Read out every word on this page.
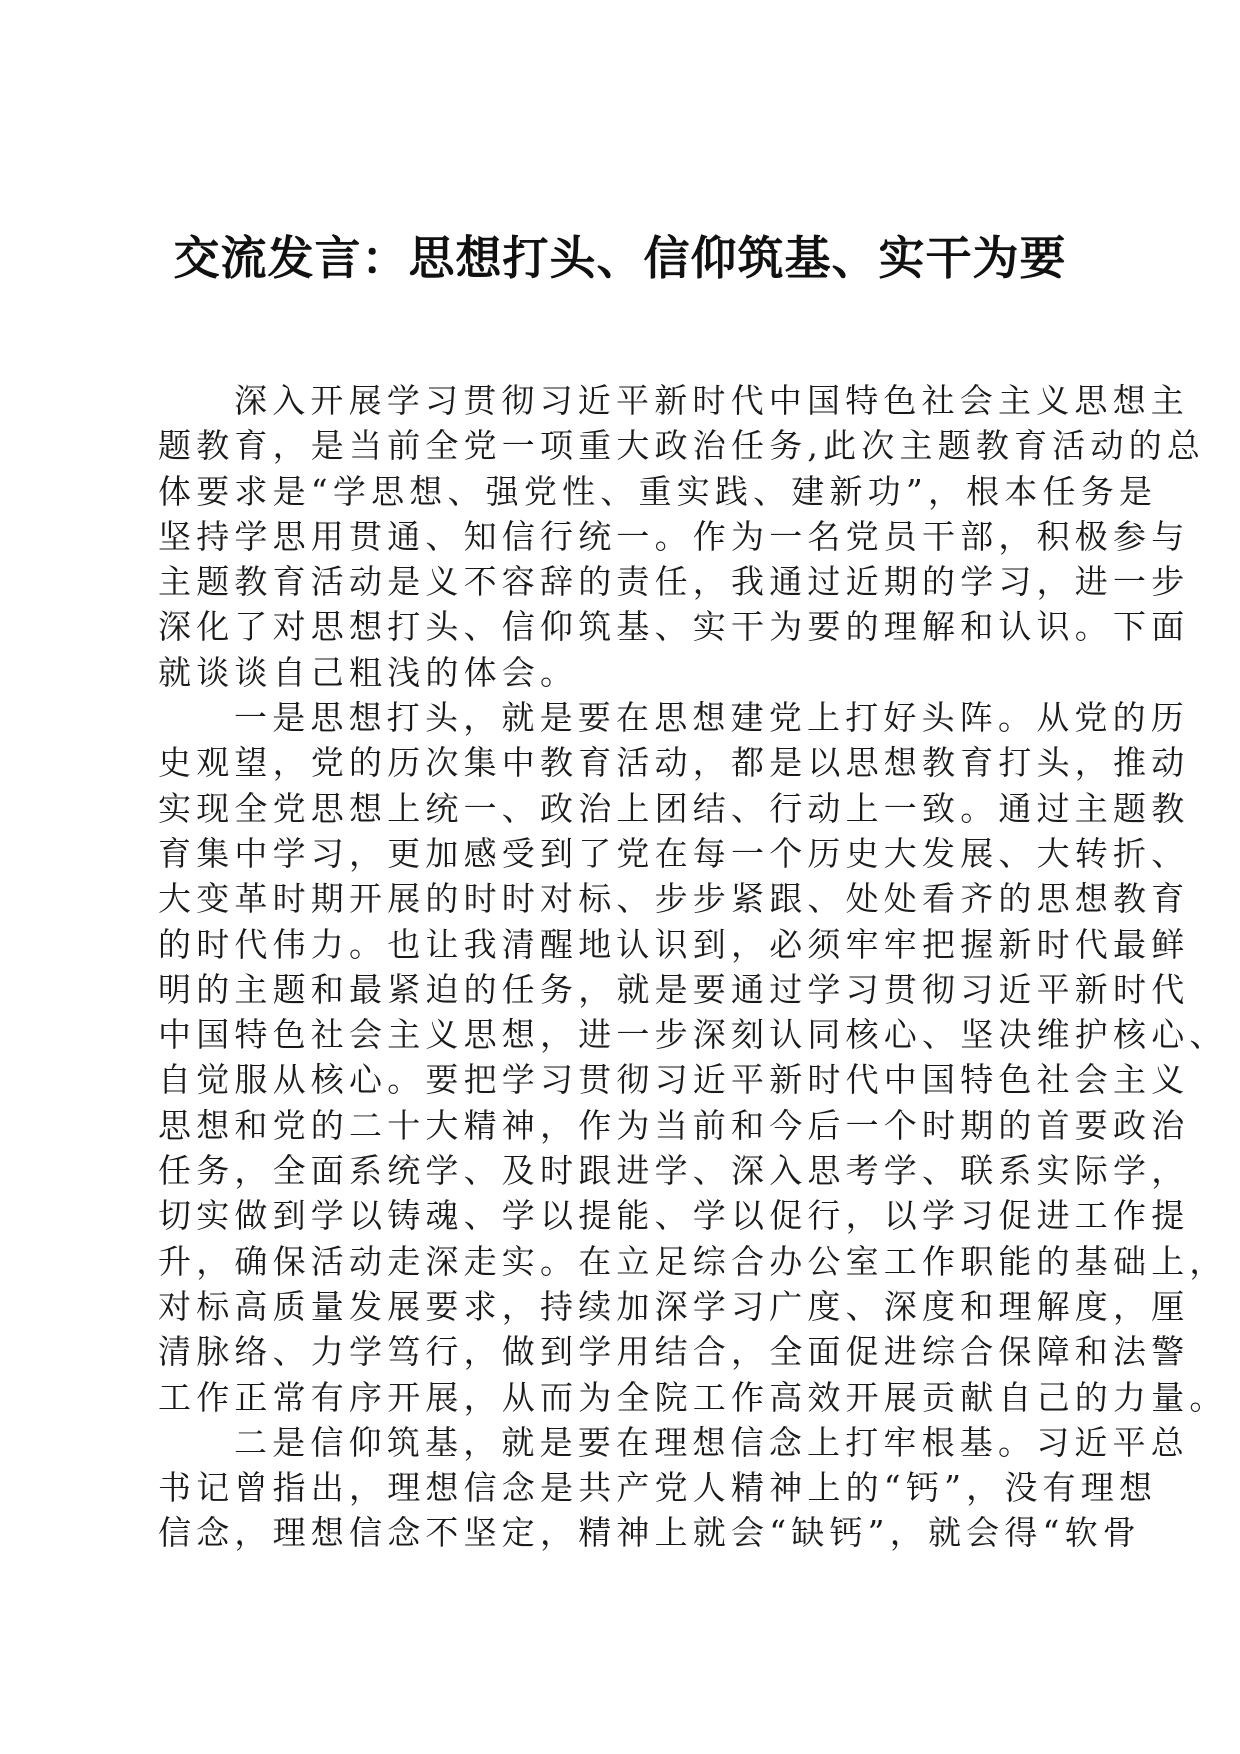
交流发言：思想打头、信仰筑基、实干为要
深入开展学习贯彻习近平新时代中国特色社会主义思想主
题教育，是当前全党一项重大政治任务,此次主题教育活动的总
体要求是“学思想、强党性、重实践、建新功”，根本任务是
坚持学思用贯通、知信行统一。作为一名党员干部，积极参与
主题教育活动是义不容辞的责任，我通过近期的学习，进一步
深化了对思想打头、信仰筑基、实干为要的理解和认识。下面
就谈谈自己粗浅的体会。
一是思想打头，就是要在思想建党上打好头阵。从党的历
史观望，党的历次集中教育活动，都是以思想教育打头，推动
实现全党思想上统一、政治上团结、行动上一致。通过主题教
育集中学习，更加感受到了党在每一个历史大发展、大转折、
大变革时期开展的时时对标、步步紧跟、处处看齐的思想教育
的时代伟力。也让我清醒地认识到，必须牢牢把握新时代最鲜
明的主题和最紧迫的任务，就是要通过学习贯彻习近平新时代
中国特色社会主义思想，进一步深刻认同核心、坚决维护核心、
自觉服从核心。要把学习贯彻习近平新时代中国特色社会主义
思想和党的二十大精神，作为当前和今后一个时期的首要政治
任务，全面系统学、及时跟进学、深入思考学、联系实际学，
切实做到学以铸魂、学以提能、学以促行，以学习促进工作提
升，确保活动走深走实。在立足综合办公室工作职能的基础上，
对标高质量发展要求，持续加深学习广度、深度和理解度，厘
清脉络、力学笃行，做到学用结合，全面促进综合保障和法警
工作正常有序开展，从而为全院工作高效开展贡献自己的力量。
二是信仰筑基，就是要在理想信念上打牢根基。习近平总
书记曾指出，理想信念是共产党人精神上的“钙”，没有理想
信念，理想信念不坚定，精神上就会“缺钙”，就会得“软骨
